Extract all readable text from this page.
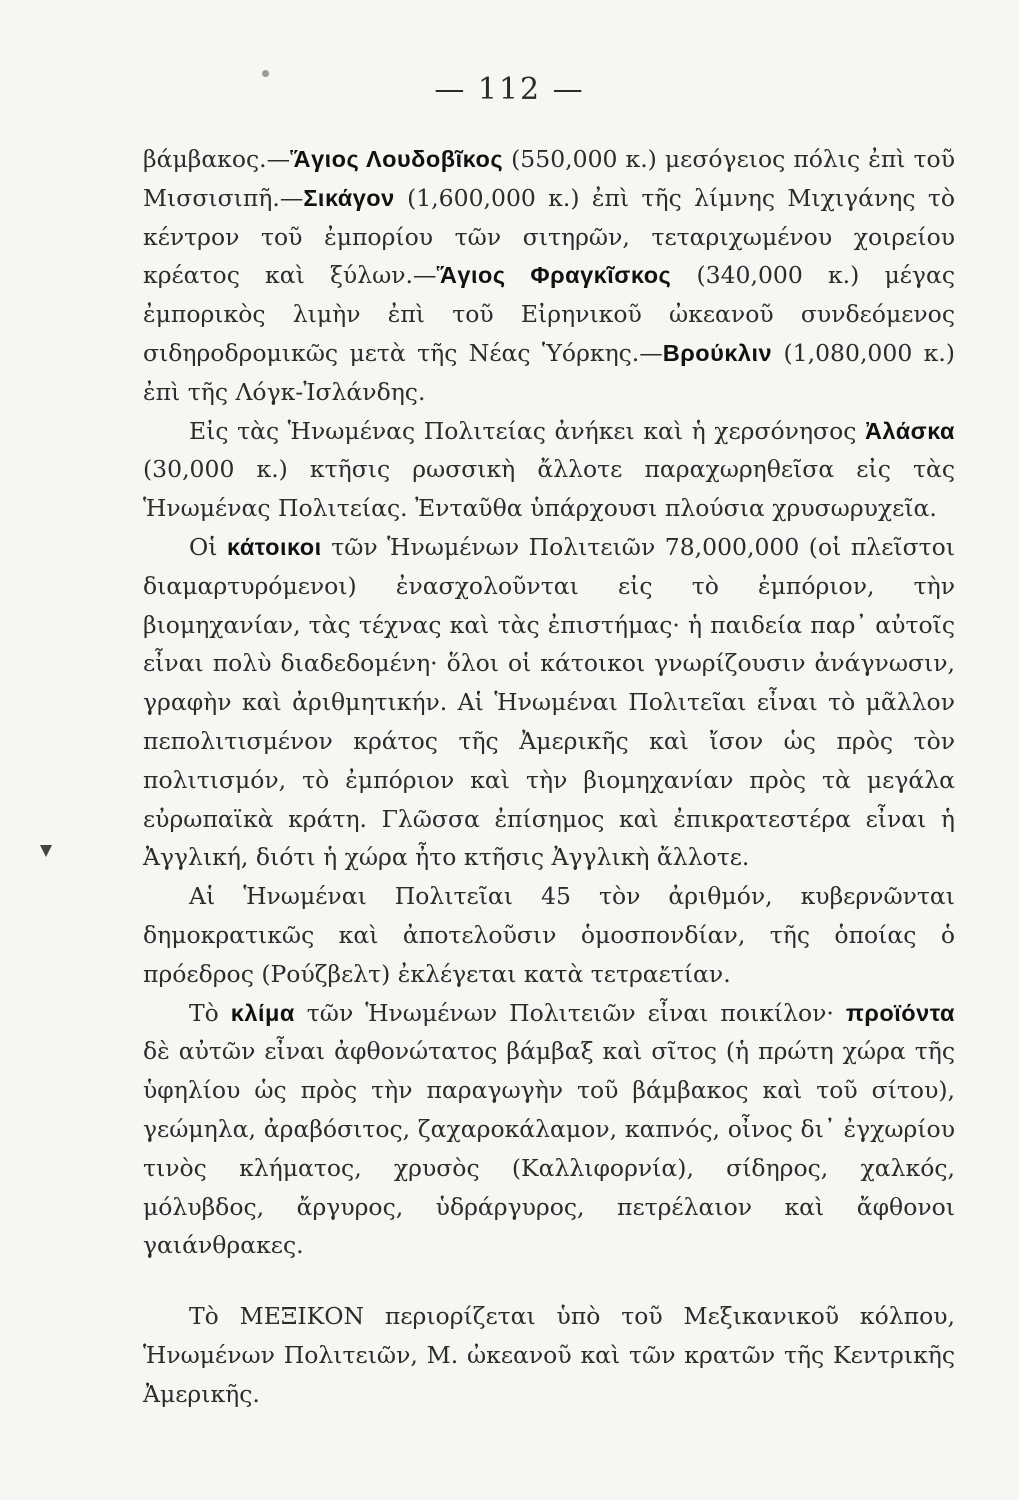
— 112 —

βάμβακος.—Ἅγιος Λουδοβῖκος (550,000 κ.) μεσόγειος πόλις ἐπὶ τοῦ Μισσισιπῆ.—Σικάγον (1,600,000 κ.) ἐπὶ τῆς λίμνης Μιχιγάνης τὸ κέντρον τοῦ ἐμπορίου τῶν σιτηρῶν, τεταριχωμένου χοιρείου κρέατος καὶ ξύλων.—Ἅγιος Φραγκῖσκος (340,000 κ.) μέγας ἐμπορικὸς λιμὴν ἐπὶ τοῦ Εἰρηνικοῦ ὠκεανοῦ συνδεόμενος σιδηροδρομικῶς μετὰ τῆς Νέας Ὑόρκης.—Βρούκλιν (1,080,000 κ.) ἐπὶ τῆς Λόγκ-Ἰσλάνδης.

Εἰς τὰς Ἡνωμένας Πολιτείας ἀνήκει καὶ ἡ χερσόνησος Ἀλάσκα (30,000 κ.) κτῆσις ρωσσικὴ ἄλλοτε παραχωρηθεῖσα εἰς τὰς Ἡνωμένας Πολιτείας. Ἐνταῦθα ὑπάρχουσι πλούσια χρυσωρυχεῖα.

Οἱ κάτοικοι τῶν Ἡνωμένων Πολιτειῶν 78,000,000 (οἱ πλεῖστοι διαμαρτυρόμενοι) ἐνασχολοῦνται εἰς τὸ ἐμπόριον, τὴν βιομηχανίαν, τὰς τέχνας καὶ τὰς ἐπιστήμας· ἡ παιδεία παρ᾽ αὐτοῖς εἶναι πολὺ διαδεδομένη· ὅλοι οἱ κάτοικοι γνωρίζουσιν ἀνάγνωσιν, γραφὴν καὶ ἀριθμητικήν. Αἱ Ἡνωμέναι Πολιτεῖαι εἶναι τὸ μᾶλλον πεπολιτισμένον κράτος τῆς Ἀμερικῆς καὶ ἴσον ὡς πρὸς τὸν πολιτισμόν, τὸ ἐμπόριον καὶ τὴν βιομηχανίαν πρὸς τὰ μεγάλα εὐρωπαϊκὰ κράτη. Γλῶσσα ἐπίσημος καὶ ἐπικρατεστέρα εἶναι ἡ Ἀγγλική, διότι ἡ χώρα ἦτο κτῆσις Ἀγγλικὴ ἄλλοτε.

Αἱ Ἡνωμέναι Πολιτεῖαι 45 τὸν ἀριθμόν, κυβερνῶνται δημοκρατικῶς καὶ ἀποτελοῦσιν ὁμοσπονδίαν, τῆς ὁποίας ὁ πρόεδρος (Ρούζβελτ) ἐκλέγεται κατὰ τετραετίαν.

Τὸ κλίμα τῶν Ἡνωμένων Πολιτειῶν εἶναι ποικίλον· προϊόντα δὲ αὐτῶν εἶναι ἀφθονώτατος βάμβαξ καὶ σῖτος (ἡ πρώτη χώρα τῆς ὑφηλίου ὡς πρὸς τὴν παραγωγὴν τοῦ βάμβακος καὶ τοῦ σίτου), γεώμηλα, ἀραβόσιτος, ζαχαροκάλαμον, καπνός, οἶνος δι᾽ ἐγχωρίου τινὸς κλήματος, χρυσὸς (Καλλιφορνία), σίδηρος, χαλκός, μόλυβδος, ἄργυρος, ὑδράργυρος, πετρέλαιον καὶ ἄφθονοι γαιάνθρακες.

Τὸ ΜΕΞΙΚΟΝ περιορίζεται ὑπὸ τοῦ Μεξικανικοῦ κόλπου, Ἡνωμένων Πολιτειῶν, Μ. ὠκεανοῦ καὶ τῶν κρατῶν τῆς Κεντρικῆς Ἀμερικῆς.
